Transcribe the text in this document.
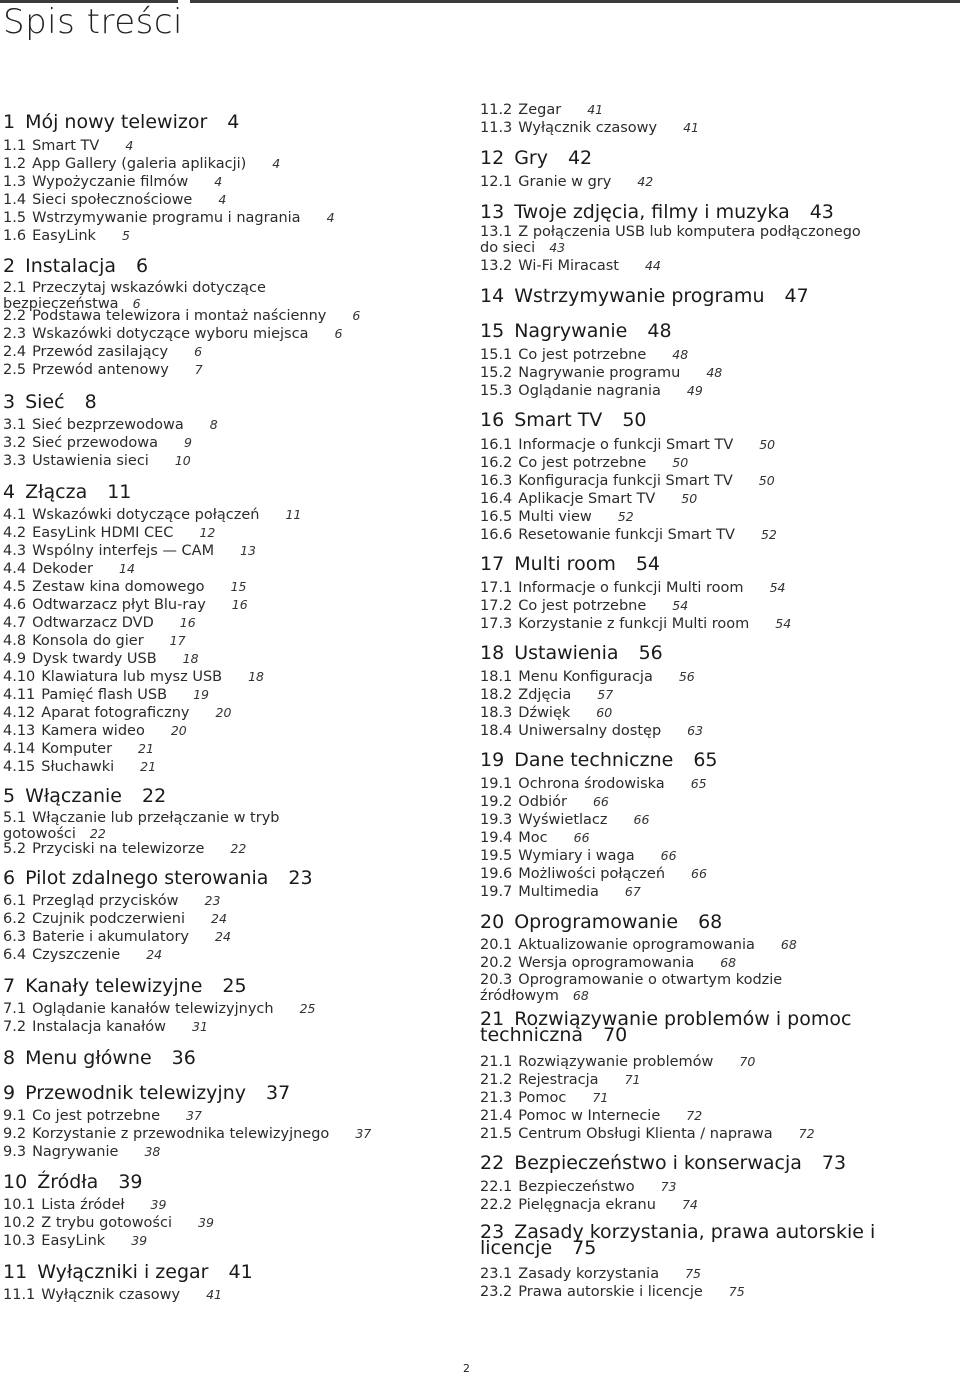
Spis treści
1 Mój nowy telewizor 4
1.1 Smart TV 4
1.2 App Gallery (galeria aplikacji) 4
1.3 Wypożyczanie filmów 4
1.4 Sieci społecznościowe 4
1.5 Wstrzymywanie programu i nagrania 4
1.6 EasyLink 5
2 Instalacja 6
2.1 Przeczytaj wskazówki dotyczące bezpieczeństwa 6
2.2 Podstawa telewizora i montaż naścienny 6
2.3 Wskazówki dotyczące wyboru miejsca 6
2.4 Przewód zasilający 6
2.5 Przewód antenowy 7
3 Sieć 8
3.1 Sieć bezprzewodowa 8
3.2 Sieć przewodowa 9
3.3 Ustawienia sieci 10
4 Złącza 11
4.1 Wskazówki dotyczące połączeń 11
4.2 EasyLink HDMI CEC 12
4.3 Wspólny interfejs — CAM 13
4.4 Dekoder 14
4.5 Zestaw kina domowego 15
4.6 Odtwarzacz płyt Blu-ray 16
4.7 Odtwarzacz DVD 16
4.8 Konsola do gier 17
4.9 Dysk twardy USB 18
4.10 Klawiatura lub mysz USB 18
4.11 Pamięć flash USB 19
4.12 Aparat fotograficzny 20
4.13 Kamera wideo 20
4.14 Komputer 21
4.15 Słuchawki 21
5 Włączanie 22
5.1 Włączanie lub przełączanie w tryb gotowości 22
5.2 Przyciski na telewizorze 22
6 Pilot zdalnego sterowania 23
6.1 Przegląd przycisków 23
6.2 Czujnik podczerwieni 24
6.3 Baterie i akumulatory 24
6.4 Czyszczenie 24
7 Kanały telewizyjne 25
7.1 Oglądanie kanałów telewizyjnych 25
7.2 Instalacja kanałów 31
8 Menu główne 36
9 Przewodnik telewizyjny 37
9.1 Co jest potrzebne 37
9.2 Korzystanie z przewodnika telewizyjnego 37
9.3 Nagrywanie 38
10 Źródła 39
10.1 Lista źródeł 39
10.2 Z trybu gotowości 39
10.3 EasyLink 39
11 Wyłączniki i zegar 41
11.1 Wyłącznik czasowy 41
11.2 Zegar 41
11.3 Wyłącznik czasowy 41
12 Gry 42
12.1 Granie w gry 42
13 Twoje zdjęcia, filmy i muzyka 43
13.1 Z połączenia USB lub komputera podłączonego do sieci 43
13.2 Wi-Fi Miracast 44
14 Wstrzymywanie programu 47
15 Nagrywanie 48
15.1 Co jest potrzebne 48
15.2 Nagrywanie programu 48
15.3 Oglądanie nagrania 49
16 Smart TV 50
16.1 Informacje o funkcji Smart TV 50
16.2 Co jest potrzebne 50
16.3 Konfiguracja funkcji Smart TV 50
16.4 Aplikacje Smart TV 50
16.5 Multi view 52
16.6 Resetowanie funkcji Smart TV 52
17 Multi room 54
17.1 Informacje o funkcji Multi room 54
17.2 Co jest potrzebne 54
17.3 Korzystanie z funkcji Multi room 54
18 Ustawienia 56
18.1 Menu Konfiguracja 56
18.2 Zdjęcia 57
18.3 Dźwięk 60
18.4 Uniwersalny dostęp 63
19 Dane techniczne 65
19.1 Ochrona środowiska 65
19.2 Odbiór 66
19.3 Wyświetlacz 66
19.4 Moc 66
19.5 Wymiary i waga 66
19.6 Możliwości połączeń 66
19.7 Multimedia 67
20 Oprogramowanie 68
20.1 Aktualizowanie oprogramowania 68
20.2 Wersja oprogramowania 68
20.3 Oprogramowanie o otwartym kodzie źródłowym 68
21 Rozwiązywanie problemów i pomoc techniczna 70
21.1 Rozwiązywanie problemów 70
21.2 Rejestracja 71
21.3 Pomoc 71
21.4 Pomoc w Internecie 72
21.5 Centrum Obsługi Klienta / naprawa 72
22 Bezpieczeństwo i konserwacja 73
22.1 Bezpieczeństwo 73
22.2 Pielęgnacja ekranu 74
23 Zasady korzystania, prawa autorskie i licencje 75
23.1 Zasady korzystania 75
23.2 Prawa autorskie i licencje 75
2
